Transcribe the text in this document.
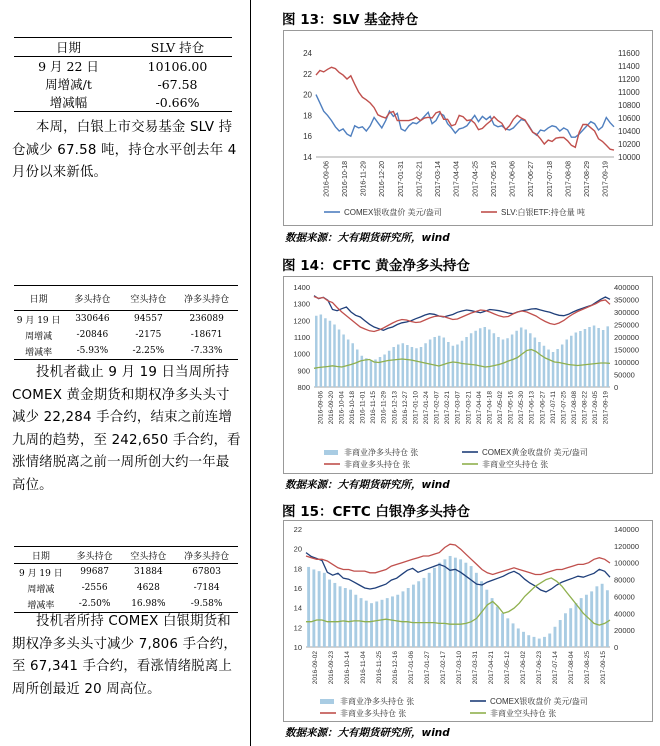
日期	SLV 持仓
9 月 22 日	10106.00
周增减/t	-67.58
增减幅	-0.66%
本周，白银上市交易基金 SLV 持仓减少 67.58 吨，持仓水平创去年 4 月份以来新低。
日期	多头持仓	空头持仓	净多头持仓
9 月 19 日	330646	94557	236089
周增减	-20846	-2175	-18671
增减率	-5.93%	-2.25%	-7.33%
投机者截止 9 月 19 日当周所持 COMEX 黄金期货和期权净多头头寸减少 22,284 手合约，结束之前连增九周的趋势，至 242,650 手合约，看涨情绪脱离之前一周所创大约一年最高位。
日期	多头持仓	空头持仓	净多头持仓
9 月 19 日	99687	31884	67803
周增减	-2556	4628	-7184
增减率	-2.50%	16.98%	-9.58%
投机者所持 COMEX 白银期货和期权净多头头寸减少 7,806 手合约，至 67,341 手合约，看涨情绪脱离上周所创最近 20 周高位。
图 13：SLV 基金持仓
14
16
18
20
22
24
10000
10200
10400
10600
10800
11000
11200
11400
11600
2016-09-06 2016-10-18 2016-11-29 2016-12-20 2017-01-31 2017-02-21 2017-03-14 2017-04-04 2017-04-25 2017-05-16 2017-06-06 2017-06-27 2017-07-18 2017-08-08 2017-08-29 2017-09-19
COMEX银收盘价 美元/盎司	SLV:白银ETF:持仓量 吨
数据来源：大有期货研究所，wind
图 14：CFTC 黄金净多头持仓
800
900
1000
1100
1200
1300
1400
0
50000
100000
150000
200000
250000
300000
350000
400000
2016-09-06 2016-09-20 2016-10-04 2016-10-18 2016-11-01 2016-11-15 2016-11-29 2016-12-13 2016-12-27 2017-01-10 2017-01-24 2017-02-07 2017-02-21 2017-03-07 2017-03-21 2017-04-04 2017-04-18 2017-05-02 2017-05-16 2017-05-30 2017-06-13 2017-06-27 2017-07-11 2017-07-25 2017-08-08 2017-08-22 2017-09-05 2017-09-19
非商业净多头持仓 张	COMEX黄金收盘价 美元/盎司
非商业多头持仓 张	非商业空头持仓 张
数据来源：大有期货研究所，wind
图 15：CFTC 白银净多头持仓
10
12
14
16
18
20
22
0
20000
40000
60000
80000
100000
120000
140000
2016-09-02 2016-09-23 2016-10-14 2016-11-04 2016-11-25 2016-12-16 2017-01-06 2017-01-27 2017-02-17 2017-03-10 2017-03-31 2017-04-21 2017-05-12 2017-06-02 2017-06-23 2017-07-14 2017-08-04 2017-08-25 2017-09-15
非商业净多头持仓 张	COMEX银收盘价 美元/盎司
非商业多头持仓 张	非商业空头持仓 张
数据来源：大有期货研究所，wind
